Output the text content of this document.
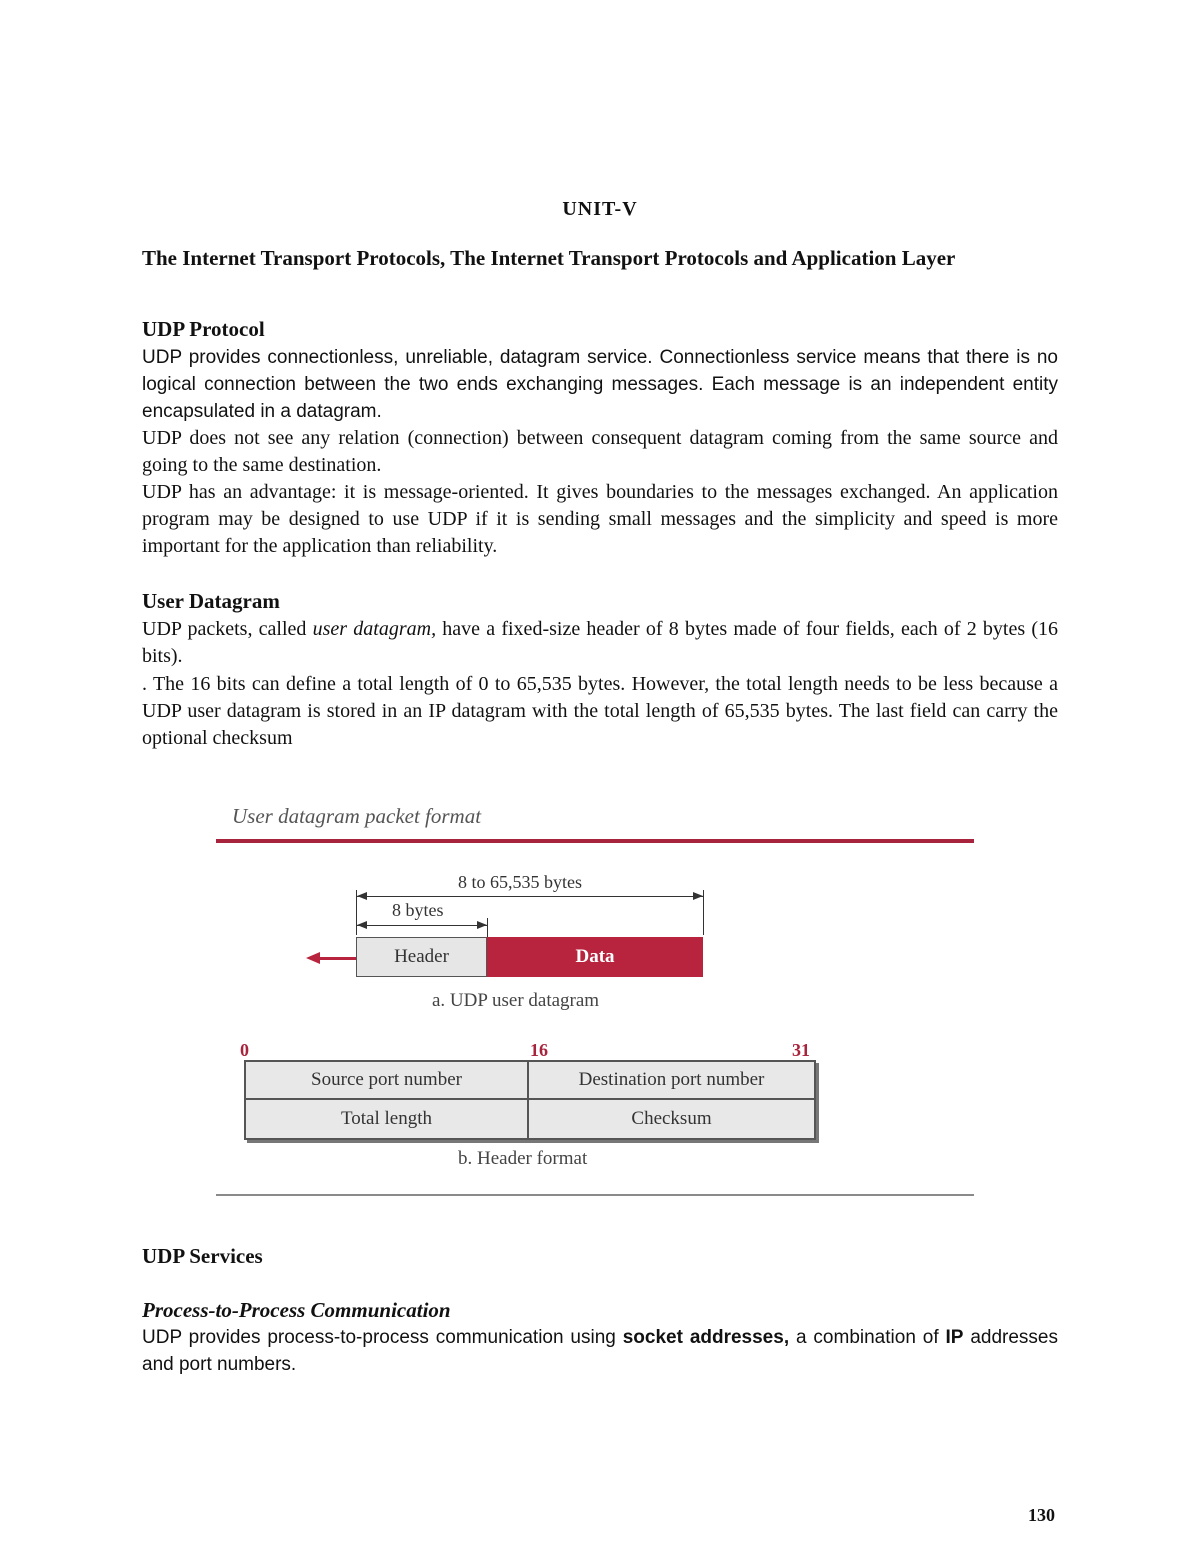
UNIT-V
The Internet Transport Protocols, The Internet Transport Protocols and Application Layer
UDP Protocol

UDP provides connectionless, unreliable, datagram service. Connectionless service means that there is no logical connection between the two ends exchanging messages. Each message is an independent entity encapsulated in a datagram.

UDP does not see any relation (connection) between consequent datagram coming from the same source and going to the same destination.

UDP has an advantage: it is message-oriented. It gives boundaries to the messages exchanged. An application program may be designed to use UDP if it is sending small messages and the simplicity and speed is more important for the application than reliability.

User Datagram

UDP packets, called user datagram, have a fixed-size header of 8 bytes made of four fields, each of 2 bytes (16 bits).

. The 16 bits can define a total length of 0 to 65,535 bytes. However, the total length needs to be less because a UDP user datagram is stored in an IP datagram with the total length of 65,535 bytes. The last field can carry the optional checksum

User datagram packet format
8 to 65,535 bytes
8 bytes
Header	Data
a. UDP user datagram
0	16	31
Source port number	Destination port number
Total length	Checksum
b. Header format
UDP Services
Process-to-Process Communication

UDP provides process-to-process communication using socket addresses, a combination of IP addresses and port numbers.

130
